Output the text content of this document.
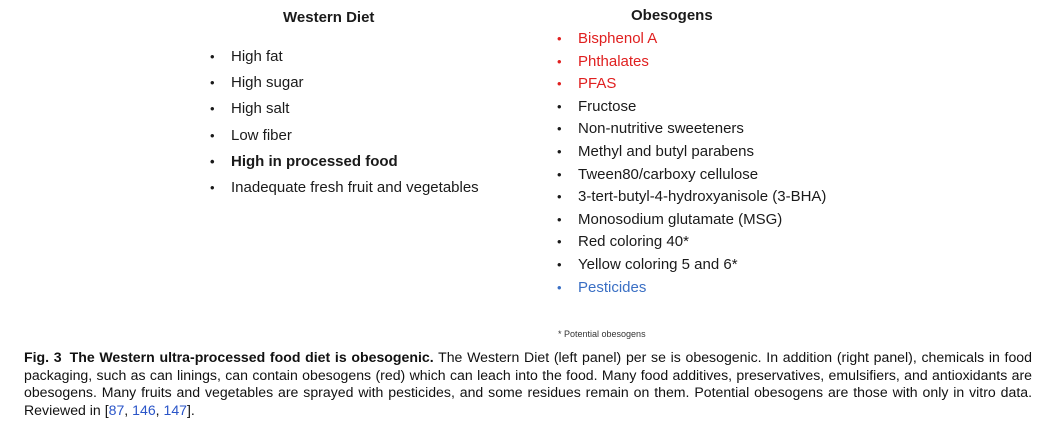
Western Diet
•	High fat
•	High sugar
•	High salt
•	Low fiber
•	High in processed food
•	Inadequate fresh fruit and vegetables
Obesogens
•	Bisphenol A
•	Phthalates
•	PFAS
•	Fructose
•	Non-nutritive sweeteners
•	Methyl and butyl parabens
•	Tween80/carboxy cellulose
•	3-tert-butyl-4-hydroxyanisole (3-BHA)
•	Monosodium glutamate (MSG)
•	Red coloring 40*
•	Yellow coloring 5 and 6*
•	Pesticides
* Potential obesogens
Fig. 3 The Western ultra-processed food diet is obesogenic. The Western Diet (left panel) per se is obesogenic. In addition (right panel), chemicals in food packaging, such as can linings, can contain obesogens (red) which can leach into the food. Many food additives, preservatives, emulsifiers, and antioxidants are obesogens. Many fruits and vegetables are sprayed with pesticides, and some residues remain on them. Potential obesogens are those with only in vitro data. Reviewed in [87, 146, 147].
